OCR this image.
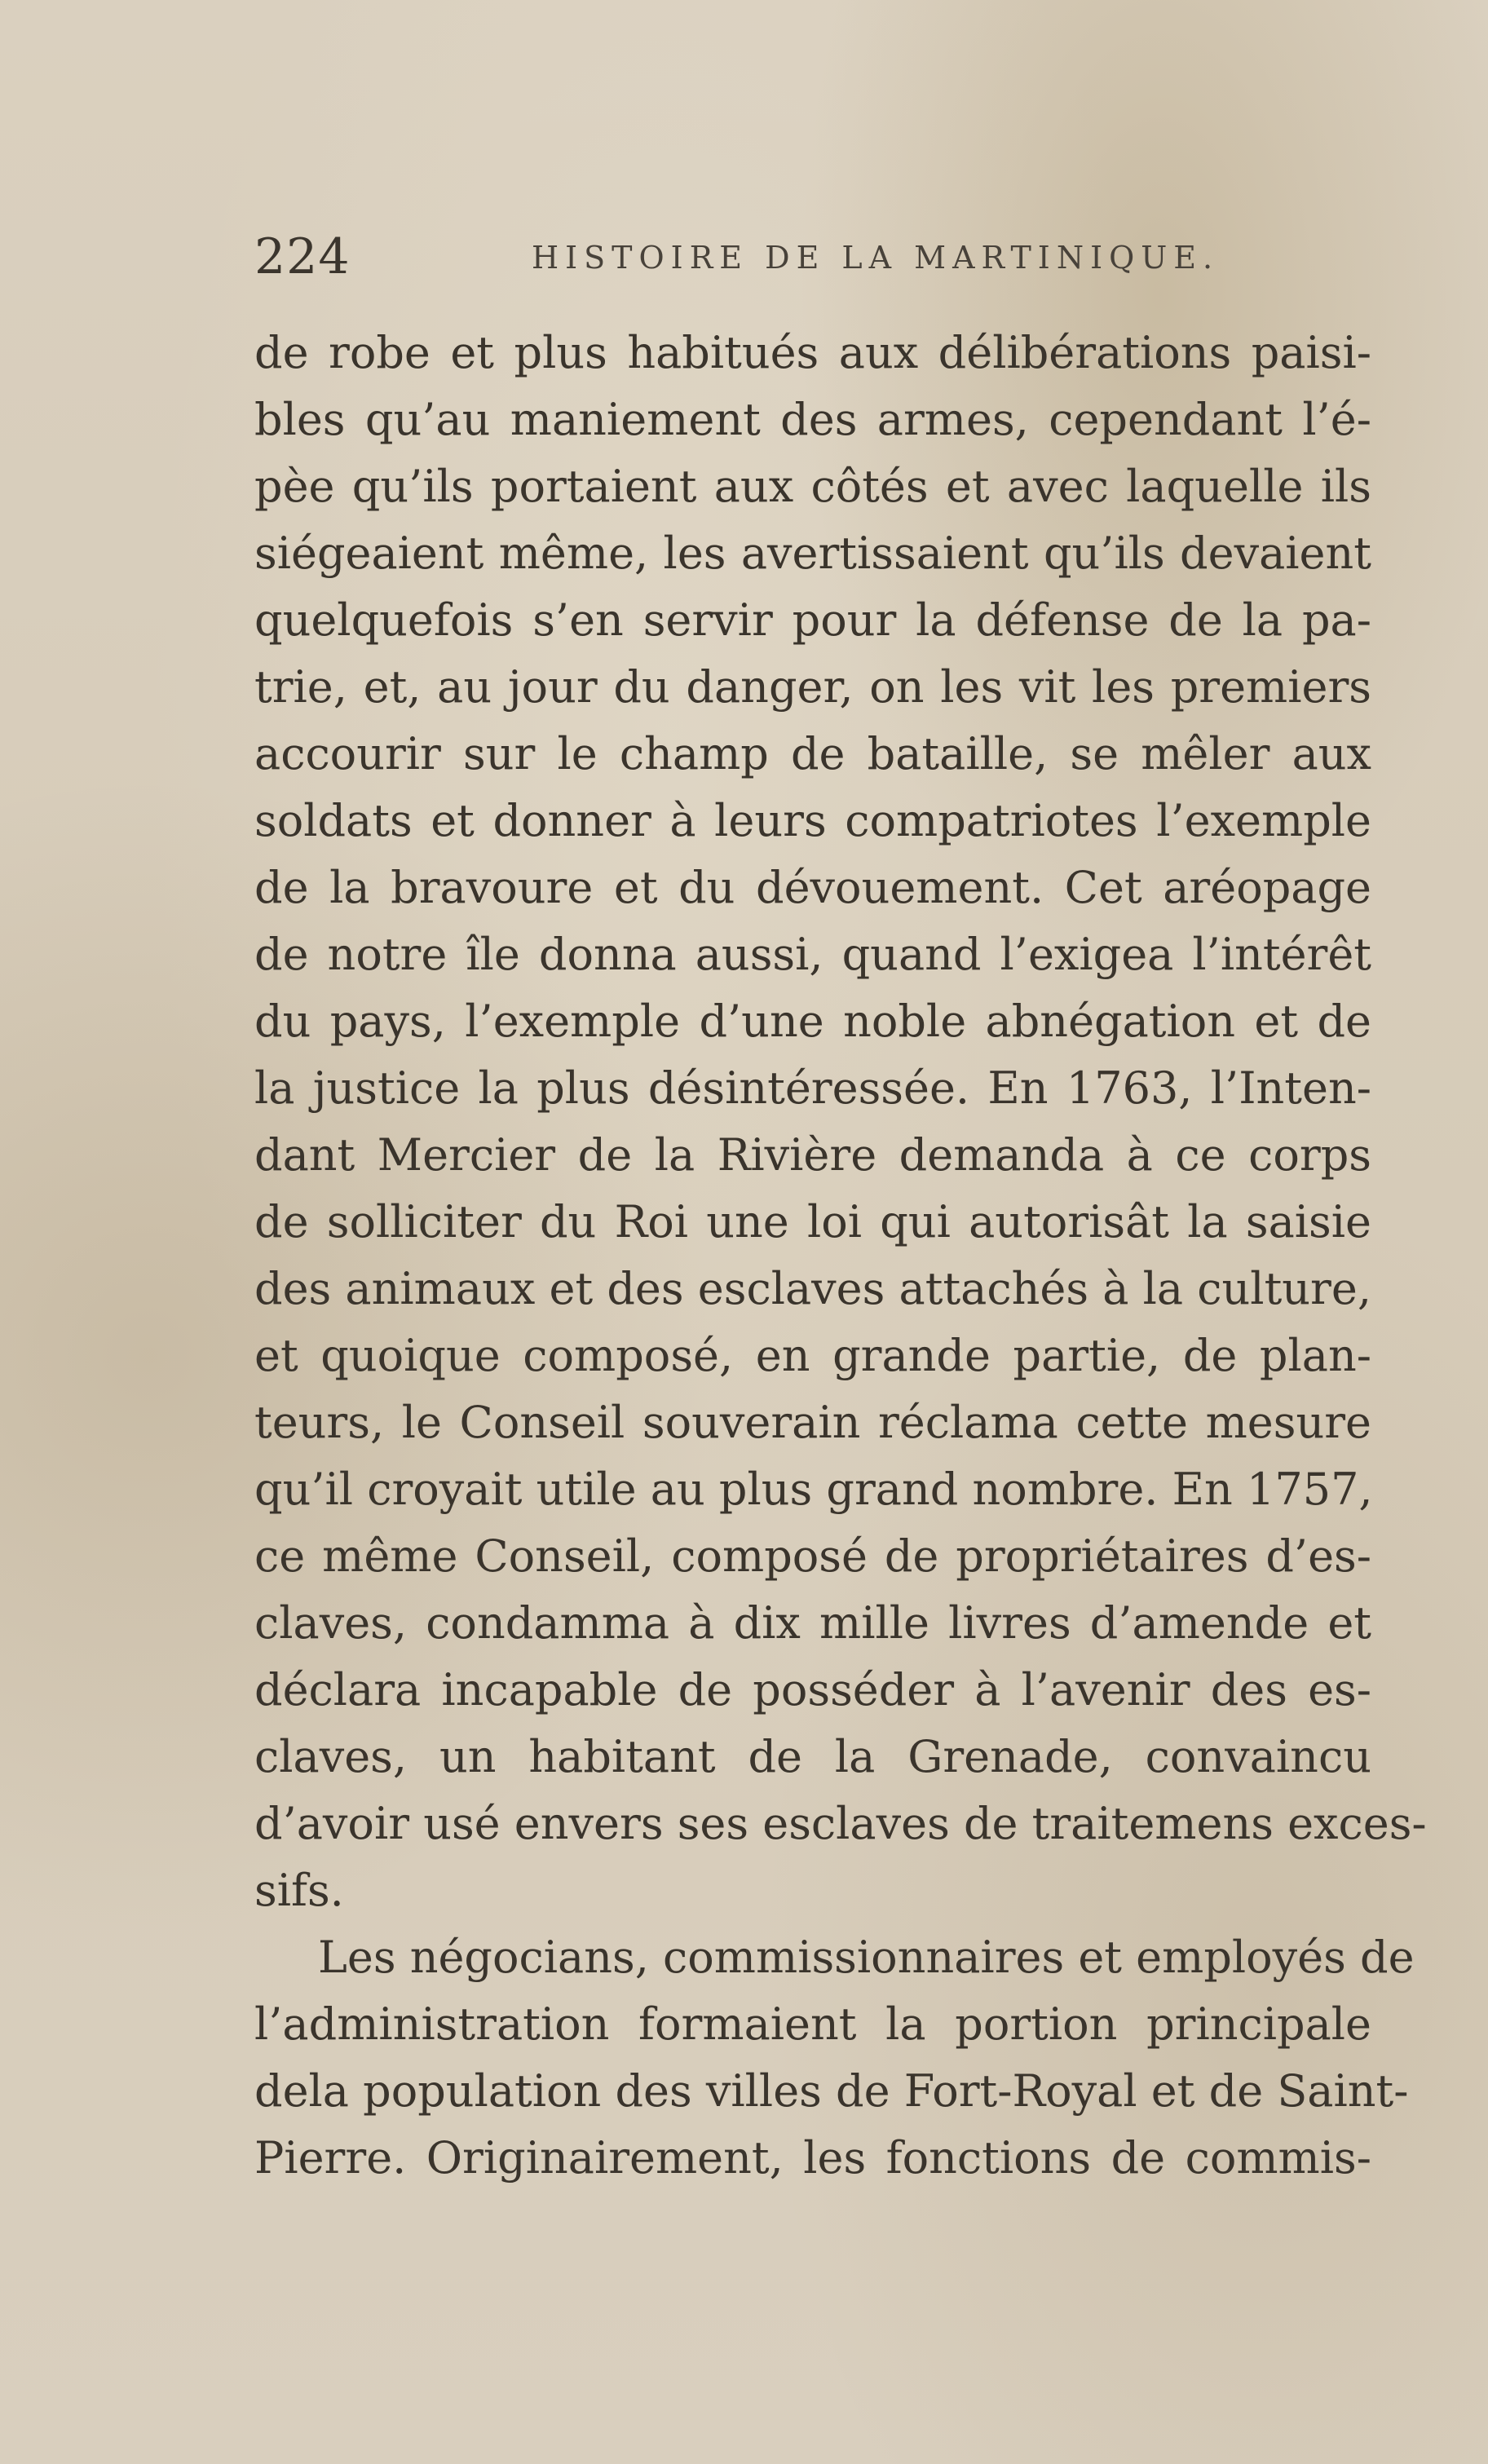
224	HISTOIRE DE LA MARTINIQUE.
de robe et plus habitués aux délibérations paisi-
bles qu’au maniement des armes, cependant l’é-
pèe qu’ils portaient aux côtés et avec laquelle ils
siégeaient même, les avertissaient qu’ils devaient
quelquefois s’en servir pour la défense de la pa-
trie, et, au jour du danger, on les vit les premiers
accourir sur le champ de bataille, se mêler aux
soldats et donner à leurs compatriotes l’exemple
de la bravoure et du dévouement. Cet aréopage
de notre île donna aussi, quand l’exigea l’intérêt
du pays, l’exemple d’une noble abnégation et de
la justice la plus désintéressée. En 1763, l’Inten-
dant Mercier de la Rivière demanda à ce corps
de solliciter du Roi une loi qui autorisât la saisie
des animaux et des esclaves attachés à la culture,
et quoique composé, en grande partie, de plan-
teurs, le Conseil souverain réclama cette mesure
qu’il croyait utile au plus grand nombre. En 1757,
ce même Conseil, composé de propriétaires d’es-
claves, condamma à dix mille livres d’amende et
déclara incapable de posséder à l’avenir des es-
claves, un habitant de la Grenade, convaincu
d’avoir usé envers ses esclaves de traitemens exces-
sifs.
Les négocians, commissionnaires et employés de
l’administration formaient la portion principale
dela population des villes de Fort-Royal et de Saint-
Pierre. Originairement, les fonctions de commis-
